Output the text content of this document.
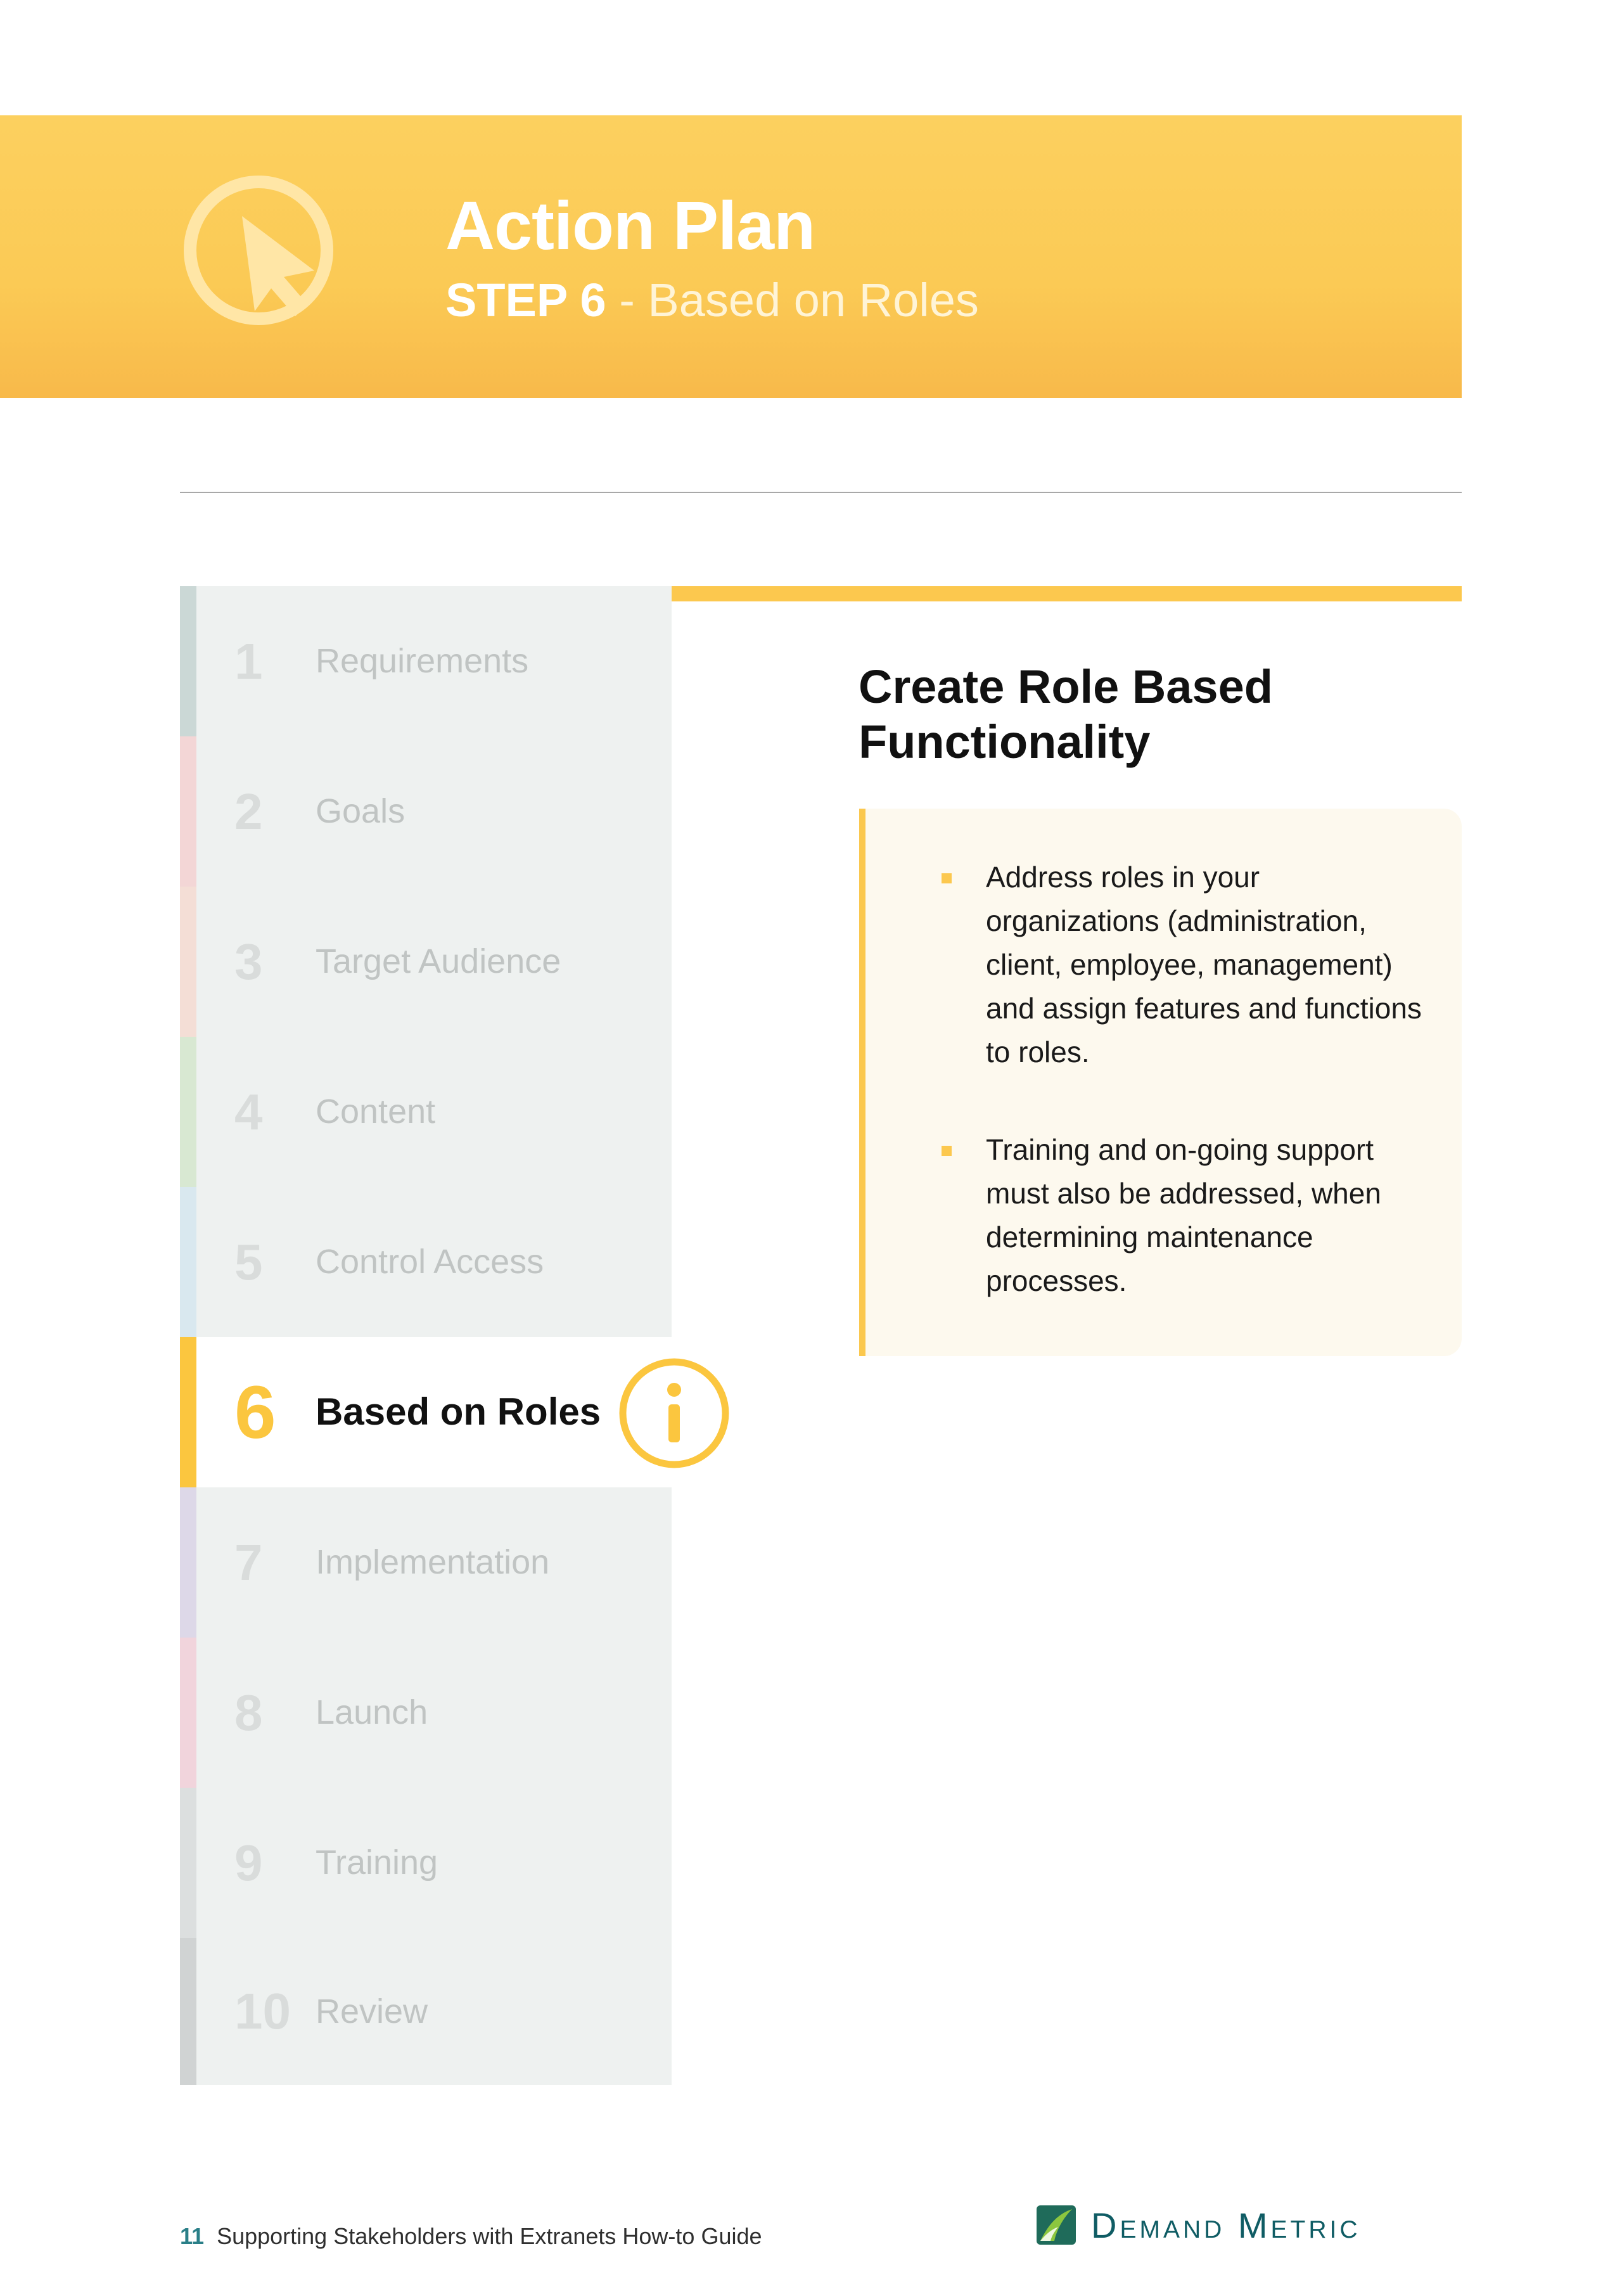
Action Plan
STEP 6 - Based on Roles
1 Requirements
2 Goals
3 Target Audience
4 Content
5 Control Access
6 Based on Roles
7 Implementation
8 Launch
9 Training
10 Review
Create Role Based
Functionality
Address roles in your organizations (administration, client, employee, management) and assign features and functions to roles.
Training and on-going support must also be addressed, when determining maintenance processes.
11 Supporting Stakeholders with Extranets How-to Guide	Demand Metric
